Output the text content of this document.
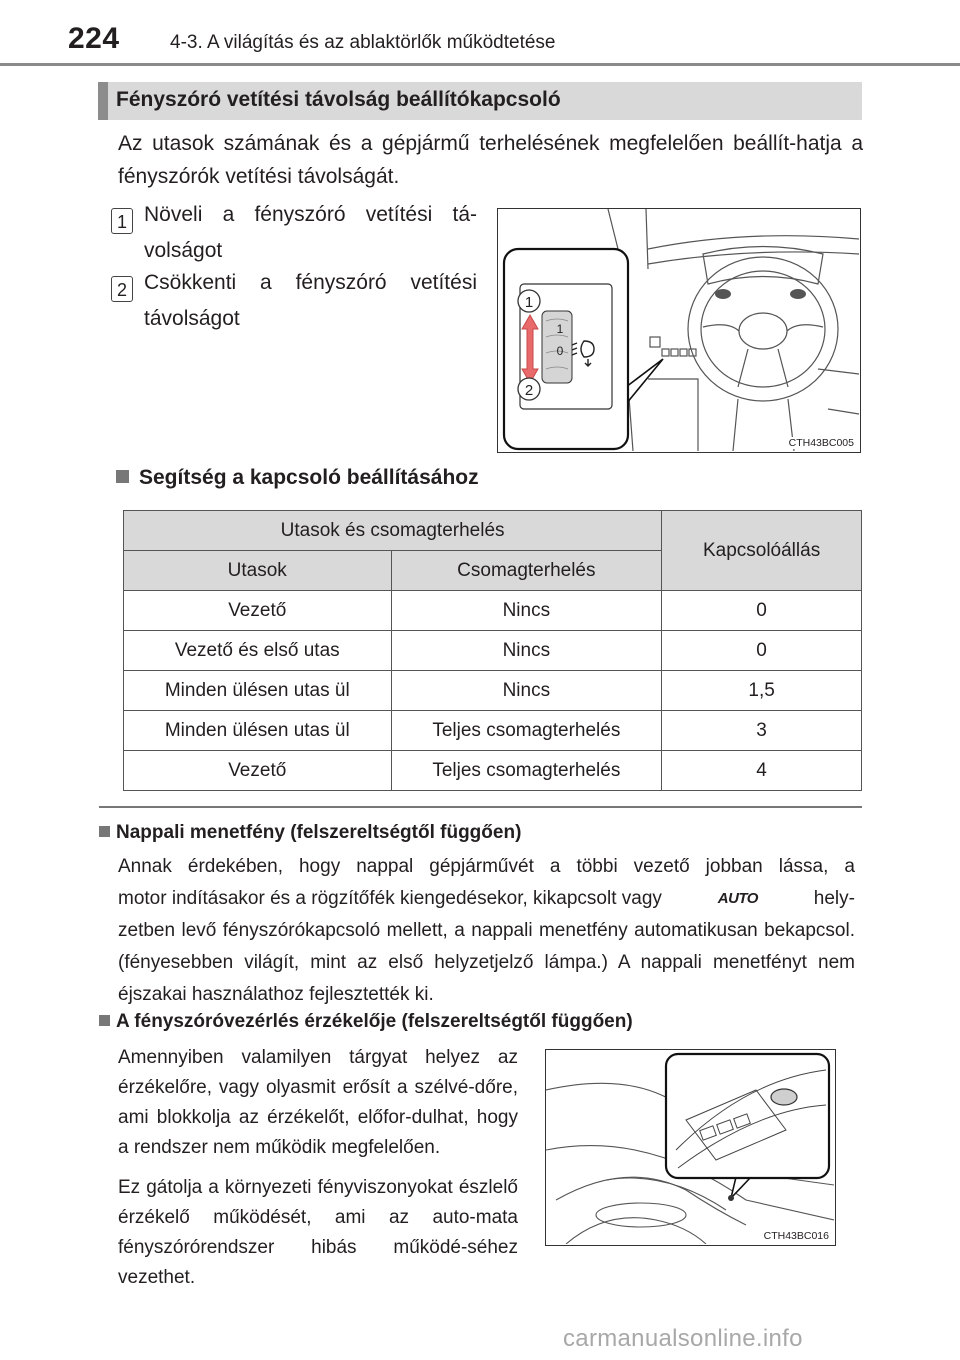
224	4-3. A világítás és az ablaktörlők működtetése
Fényszóró vetítési távolság beállítókapcsoló
Az utasok számának és a gépjármű terhelésének megfelelően beállít-hatja a fényszórók vetítési távolságát.
1 Növeli a fényszóró vetítési tá-volságot
2 Csökkenti a fényszóró vetítési távolságot
1
2
1
0
CTH43BC005
Segítség a kapcsoló beállításához
Utasok és csomagterhelés		Kapcsolóállás
Utasok	Csomagterhelés	
Vezető	Nincs	0
Vezető és első utas	Nincs	0
Minden ülésen utas ül	Nincs	1,5
Minden ülésen utas ül	Teljes csomagterhelés	3
Vezető	Teljes csomagterhelés	4
Nappali menetfény (felszereltségtől függően)
Annak érdekében, hogy nappal gépjárművét a többi vezető jobban lássa, a
motor indításakor és a rögzítőfék kiengedésekor, kikapcsolt vagy	AUTO	hely-
zetben levő fényszórókapcsoló mellett, a nappali menetfény automatikusan bekapcsol. (fényesebben világít, mint az első helyzetjelző lámpa.) A nappali menetfényt nem éjszakai használathoz fejlesztették ki.
A fényszóróvezérlés érzékelője (felszereltségtől függően)
Amennyiben valamilyen tárgyat helyez az érzékelőre, vagy olyasmit erősít a szélvé-dőre, ami blokkolja az érzékelőt, előfor-dulhat, hogy a rendszer nem működik megfelelően.
Ez gátolja a környezeti fényviszonyokat észlelő érzékelő működését, ami az auto-mata fényszórórendszer hibás működé-séhez vezethet.
CTH43BC016
carmanualsonline.info
